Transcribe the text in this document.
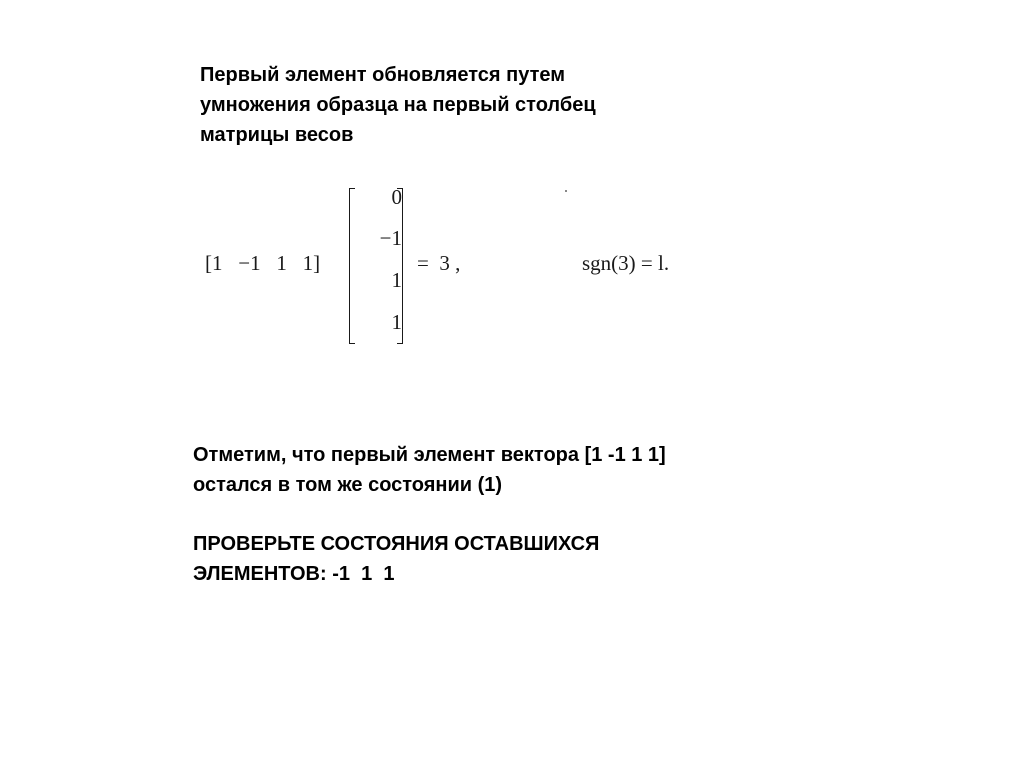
Первый элемент обновляется путем
умножения образца на первый столбец
матрицы весов
[1   −1   1   1]
0
−1
1
1
=  3 ,	sgn(3) = l.
Отметим, что первый элемент вектора [1 -1 1 1]
остался в том же состоянии (1)
ПРОВЕРЬТЕ СОСТОЯНИЯ ОСТАВШИХСЯ
ЭЛЕМЕНТОВ: -1  1  1
